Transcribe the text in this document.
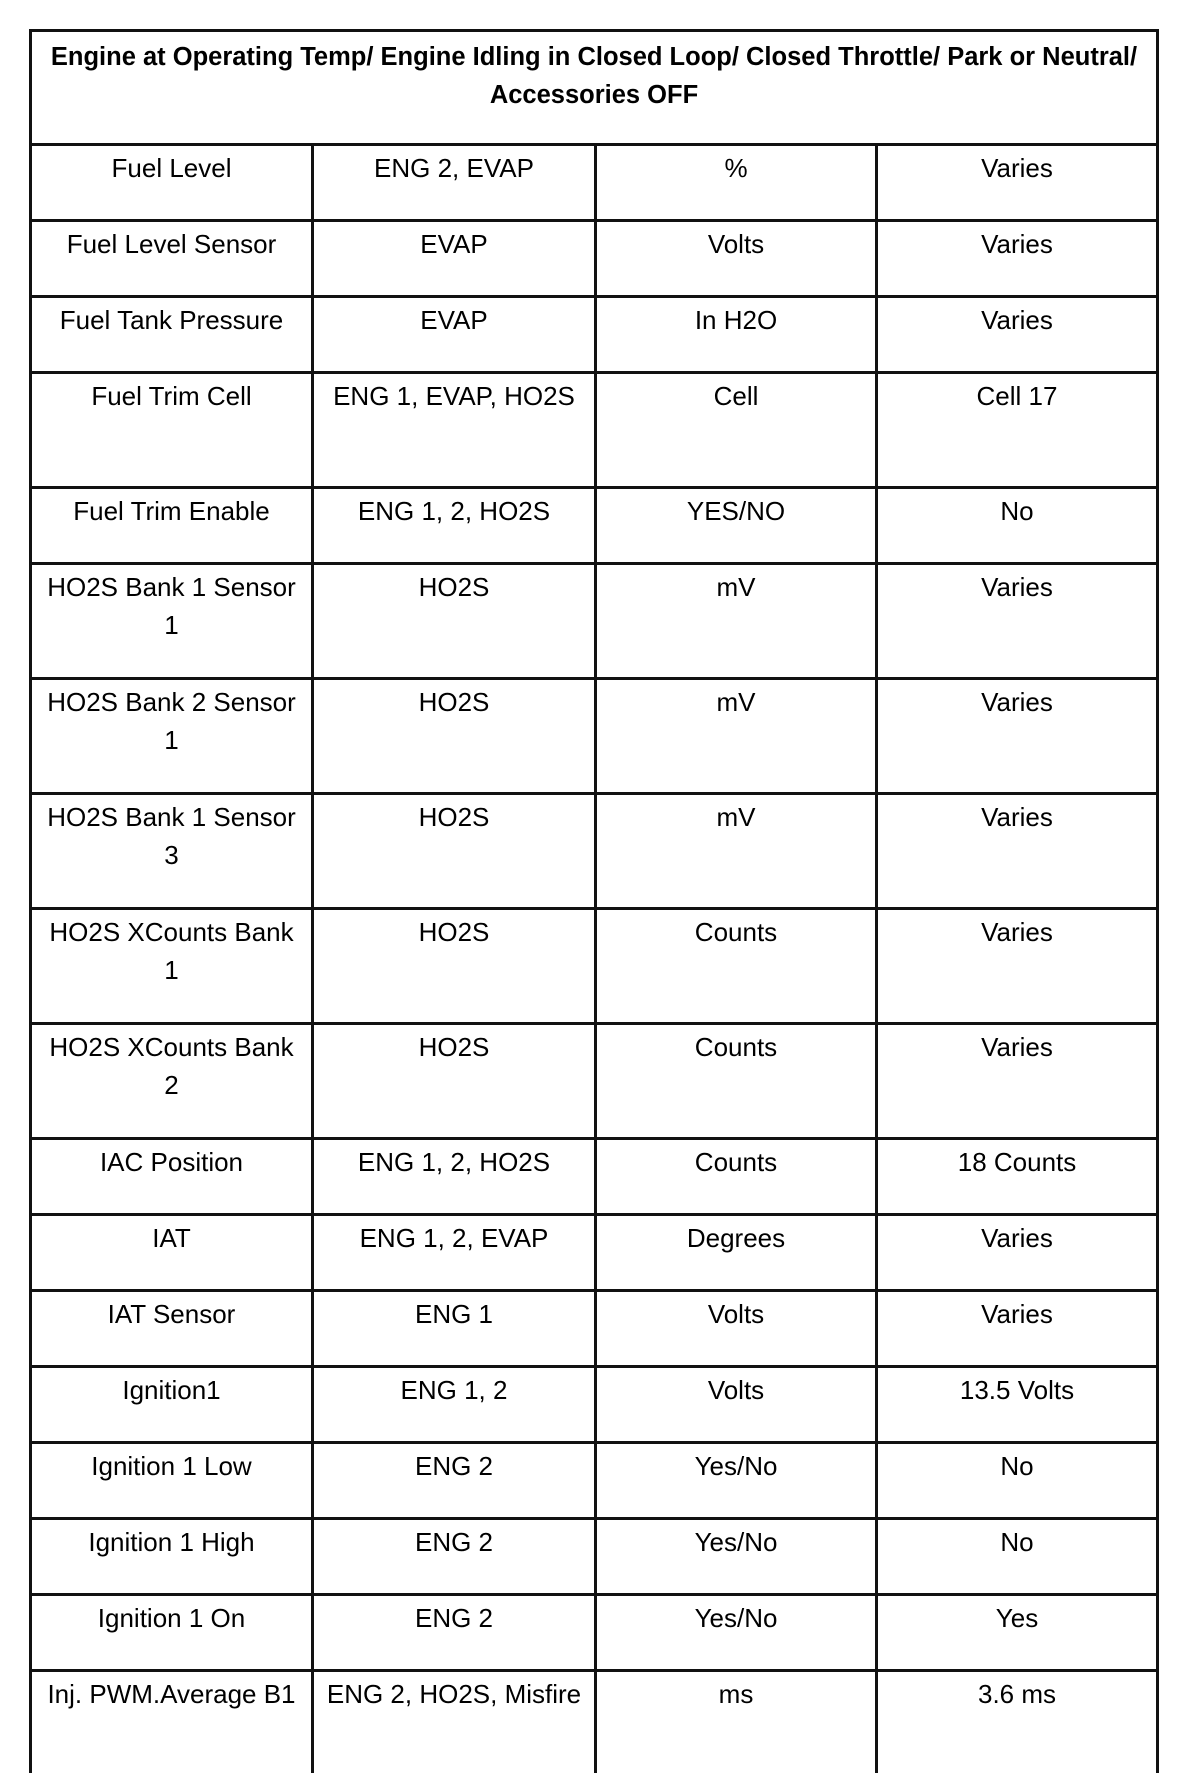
Engine at Operating Temp/ Engine Idling in Closed Loop/ Closed Throttle/ Park or Neutral/ Accessories OFF			
Fuel Level	ENG 2, EVAP	%	Varies
Fuel Level Sensor	EVAP	Volts	Varies
Fuel Tank Pressure	EVAP	In H2O	Varies
Fuel Trim Cell	ENG 1, EVAP, HO2S	Cell	Cell 17
Fuel Trim Enable	ENG 1, 2, HO2S	YES/NO	No
HO2S Bank 1 Sensor 1	HO2S	mV	Varies
HO2S Bank 2 Sensor 1	HO2S	mV	Varies
HO2S Bank 1 Sensor 3	HO2S	mV	Varies
HO2S XCounts Bank 1	HO2S	Counts	Varies
HO2S XCounts Bank 2	HO2S	Counts	Varies
IAC Position	ENG 1, 2, HO2S	Counts	18 Counts
IAT	ENG 1, 2, EVAP	Degrees	Varies
IAT Sensor	ENG 1	Volts	Varies
Ignition1	ENG 1, 2	Volts	13.5 Volts
Ignition 1 Low	ENG 2	Yes/No	No
Ignition 1 High	ENG 2	Yes/No	No
Ignition 1 On	ENG 2	Yes/No	Yes
Inj. PWM.Average B1	ENG 2, HO2S, Misfire	ms	3.6 ms
